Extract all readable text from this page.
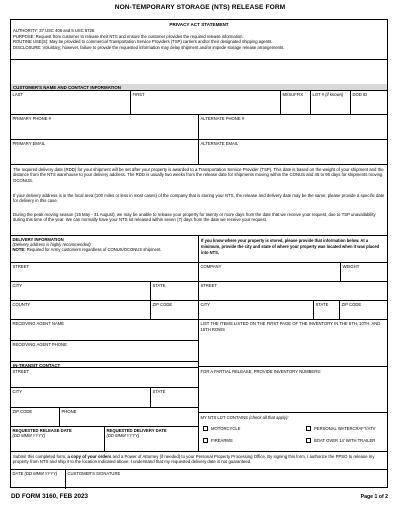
NON-TEMPORARY STORAGE (NTS) RELEASE FORM
PRIVACY ACT STATEMENT
AUTHORITY: 37 USC 406 and 5 USC 5726.
PURPOSE: Request from customer to release their NTS and ensure the customer provides the required release information.
ROUTINE USE(S): May be provided to commercial Transportation Service Providers (TSP) carriers and/or their designated shipping agents.
DISCLOSURE: Voluntary; however, failure to provide the requested information may delay shipment and/or impede storage release arrangements.
CUSTOMER'S NAME AND CONTACT INFORMATION
LAST	FIRST	MI/SUFFIX	LOT # (if known)	DOD ID
PRIMARY PHONE #	ALTERNATE PHONE #
PRIMARY EMAIL	ALTERNATE EMAIL
The required delivery date (RDD) for your shipment will be set after your property is awarded to a Transportation Service Provider (TSP). This date is based on the weight of your shipment and the distance from the NTS warehouse to your delivery address. The RDD is usually two weeks from the release date for shipments moving within the CONUS and 45 to 90 days for shipments moving OCONUS.
If your delivery address is in the local area (100 miles or less in most cases) of the company that is storing your NTS, the release and delivery date may be the same; please provide a specific date for delivery in this case.
During the peak moving season (15 May - 31 August), we may be unable to release your property for twenty or more days from the date that we receive your request, due to TSP unavailability during this time of the year. We can normally have your NTS lot released within seven (7) days from the date we receive your request.
DELIVERY INFORMATION
(Delivery address is highly recommended)
NOTE: Required for Army customers regardless of CONUS/OCONUS shipment.
If you know where your property is stored, please provide that information below. At a minimum, provide the city and state of where your property was located when it was placed into NTS.
STREET	COMPANY	WEIGHT
CITY	STATE	STREET
COUNTY	ZIP CODE	CITY	STATE	ZIP CODE
RECEIVING AGENT NAME
RECEIVING AGENT PHONE
LIST THE ITEMS LISTED ON THE FIRST PAGE OF THE INVENTORY IN THE 5TH, 10TH, AND 15TH ROWS
IN-TRANSIT CONTACT
STREET
CITY	STATE
ZIP CODE	PHONE
FOR A PARTIAL RELEASE, PROVIDE INVENTORY NUMBERS:
REQUESTED RELEASE DATE
(DD MMM YYYY)
REQUESTED DELIVERY DATE
(DD MMM YYYY)
MY NTS LOT CONTAINS (check all that apply):
MOTORCYCLE	PERSONAL WATERCRAFT/ATV
FIREARMS	BOAT OVER 14' WITH TRAILER
Submit this completed form, a copy of your orders and a Power of Attorney (if needed) to your Personal Property Processing Office. By signing this form, I authorize the PPSO to release my property from NTS and ship it to the location indicated above. I understand that my requested delivery date is not guaranteed.
DATE (DD MMM YYYY)	CUSTOMER'S SIGNATURE
DD FORM 3160, FEB 2023	Page 1 of 2
